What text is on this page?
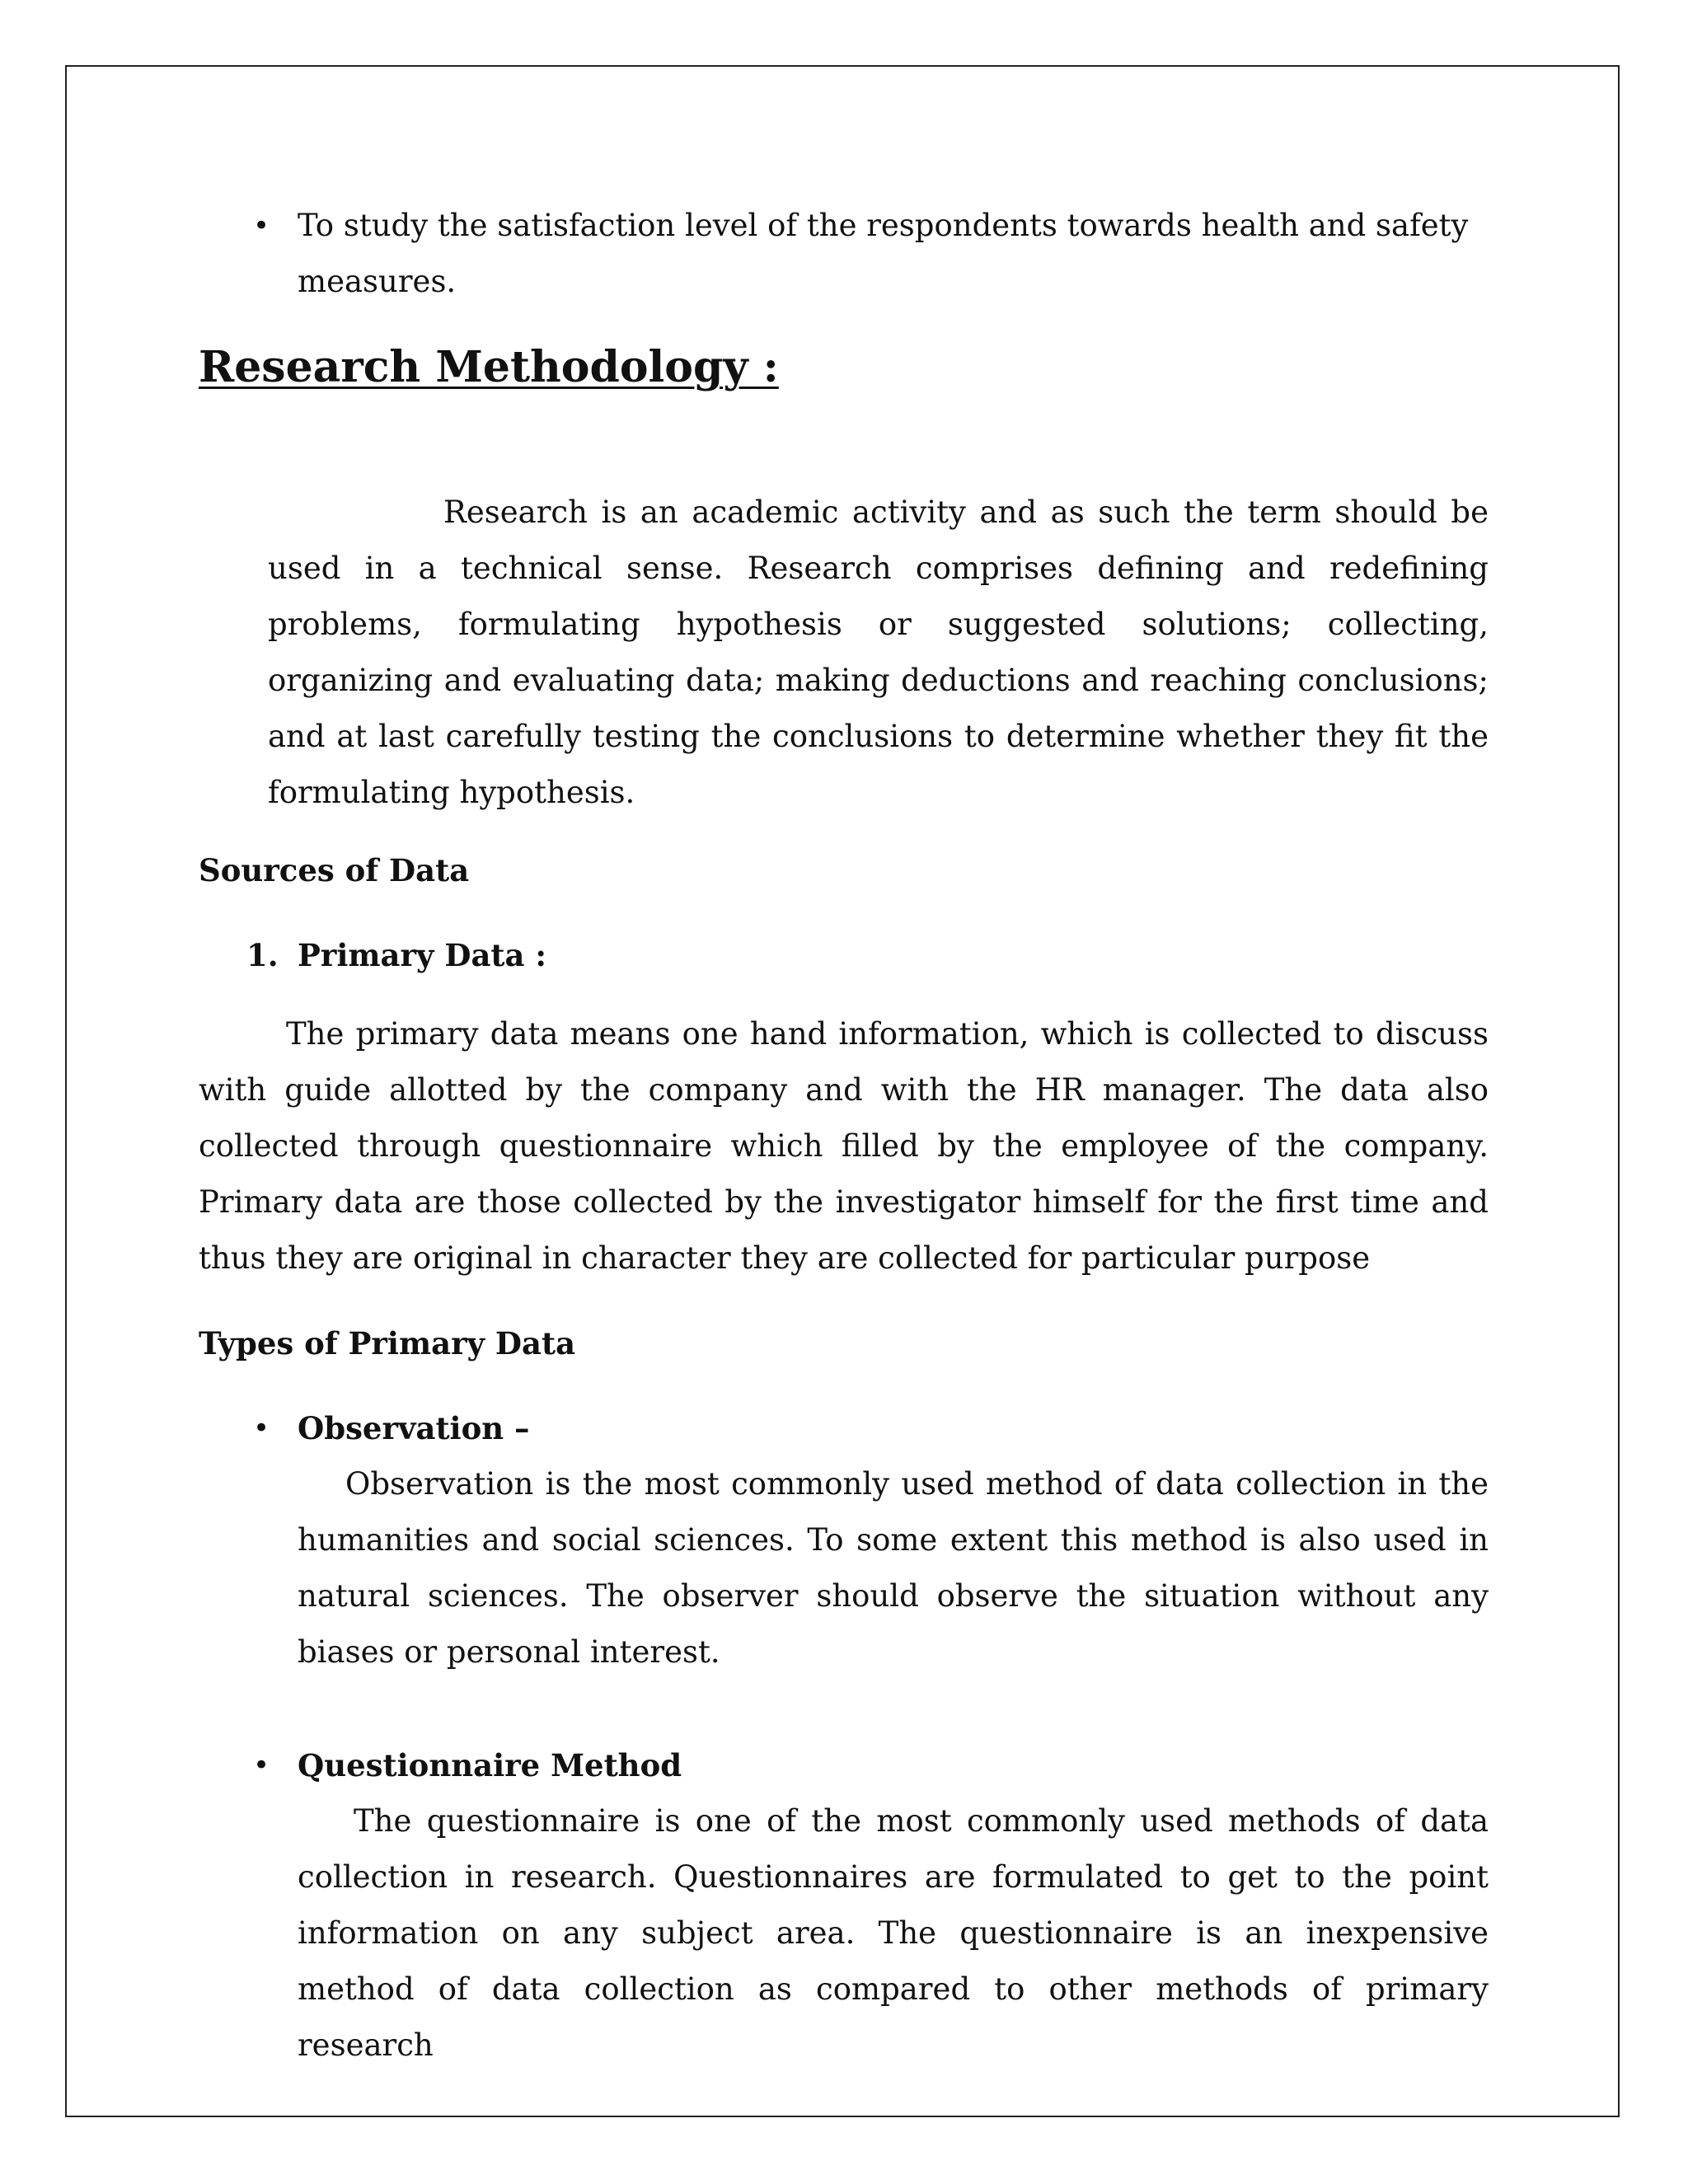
• To study the satisfaction level of the respondents towards health and safety measures.
Research Methodology :
Research is an academic activity and as such the term should be used in a technical sense. Research comprises defining and redefining problems, formulating hypothesis or suggested solutions; collecting, organizing and evaluating data; making deductions and reaching conclusions; and at last carefully testing the conclusions to determine whether they fit the formulating hypothesis.
Sources of Data
1. Primary Data :
The primary data means one hand information, which is collected to discuss with guide allotted by the company and with the HR manager. The data also collected through questionnaire which filled by the employee of the company. Primary data are those collected by the investigator himself for the first time and thus they are original in character they are collected for particular purpose
Types of Primary Data
• Observation –
Observation is the most commonly used method of data collection in the humanities and social sciences. To some extent this method is also used in natural sciences. The observer should observe the situation without any biases or personal interest.
• Questionnaire Method
The questionnaire is one of the most commonly used methods of data collection in research. Questionnaires are formulated to get to the point information on any subject area. The questionnaire is an inexpensive method of data collection as compared to other methods of primary research
